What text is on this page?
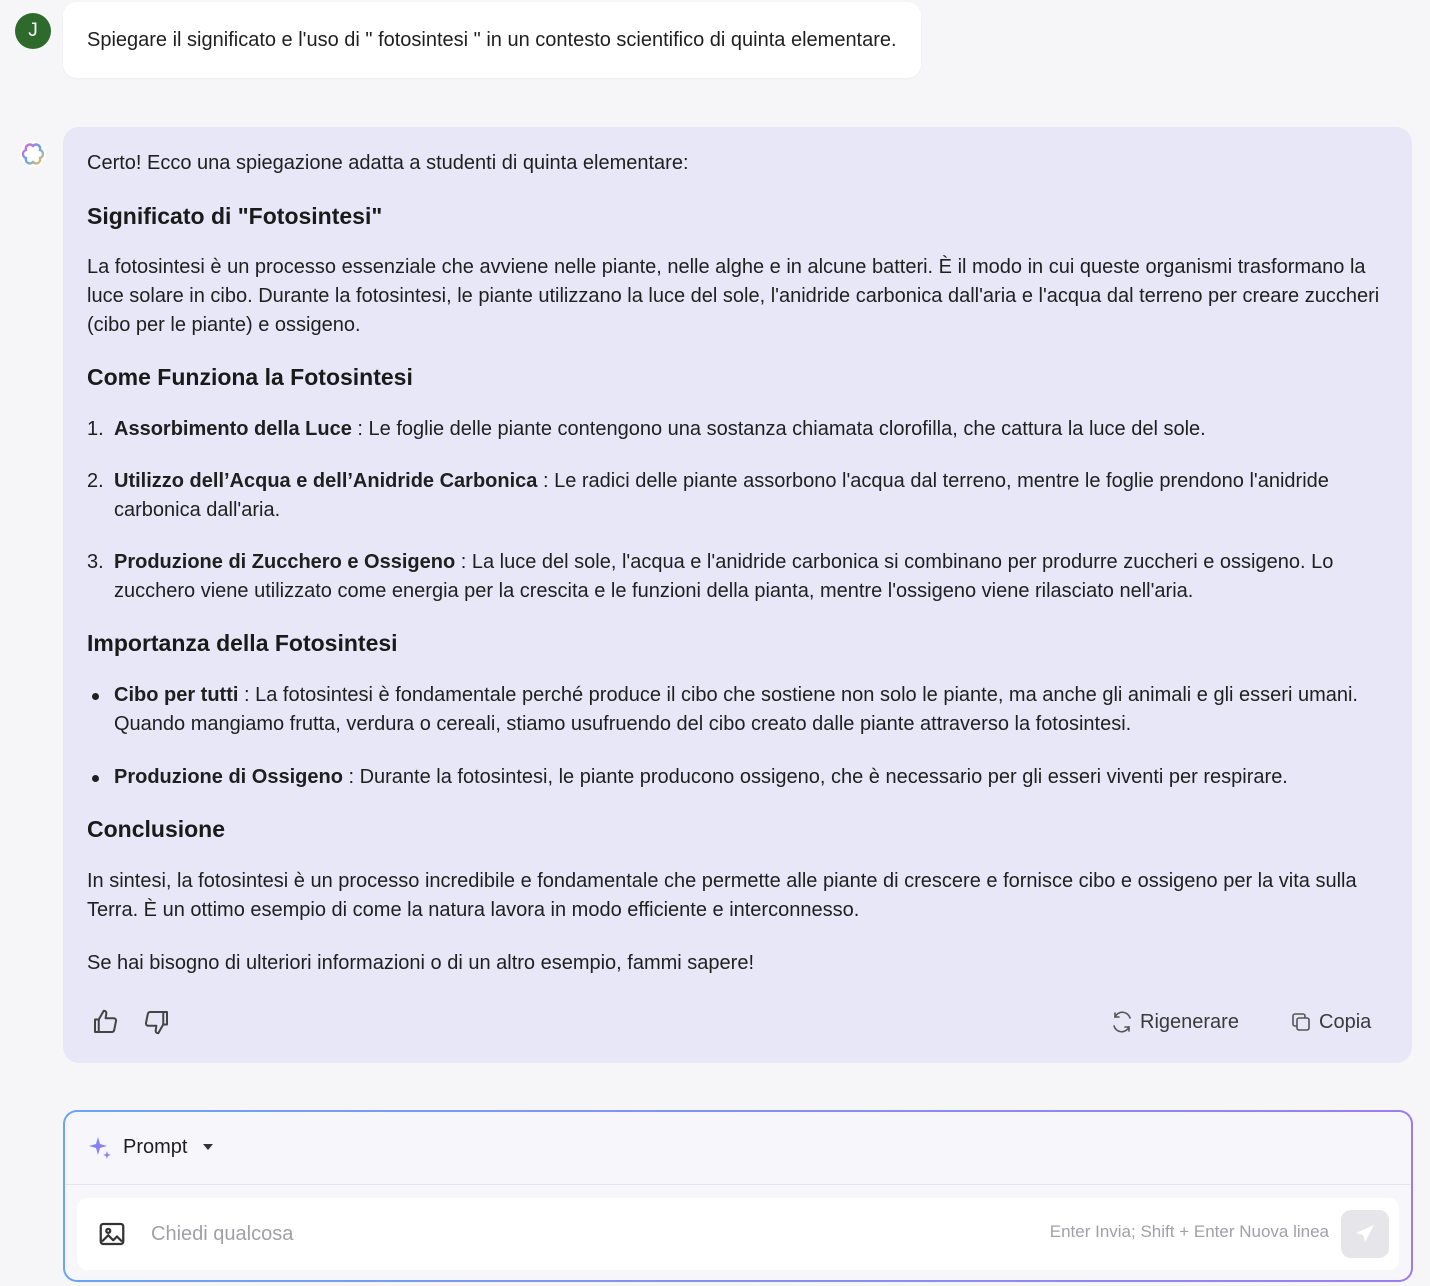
J Spiegare il significato e l'uso di " fotosintesi " in un contesto scientifico di quinta elementare.

Certo! Ecco una spiegazione adatta a studenti di quinta elementare:

Significato di "Fotosintesi"

La fotosintesi è un processo essenziale che avviene nelle piante, nelle alghe e in alcune batteri. È il modo in cui queste organismi trasformano la luce solare in cibo. Durante la fotosintesi, le piante utilizzano la luce del sole, l'anidride carbonica dall'aria e l'acqua dal terreno per creare zuccheri (cibo per le piante) e ossigeno.

Come Funziona la Fotosintesi
1. Assorbimento della Luce : Le foglie delle piante contengono una sostanza chiamata clorofilla, che cattura la luce del sole.
2. Utilizzo dell’Acqua e dell’Anidride Carbonica : Le radici delle piante assorbono l'acqua dal terreno, mentre le foglie prendono l'anidride carbonica dall'aria.
3. Produzione di Zucchero e Ossigeno : La luce del sole, l'acqua e l'anidride carbonica si combinano per produrre zuccheri e ossigeno. Lo zucchero viene utilizzato come energia per la crescita e le funzioni della pianta, mentre l'ossigeno viene rilasciato nell'aria.
Importanza della Fotosintesi
Cibo per tutti : La fotosintesi è fondamentale perché produce il cibo che sostiene non solo le piante, ma anche gli animali e gli esseri umani. Quando mangiamo frutta, verdura o cereali, stiamo usufruendo del cibo creato dalle piante attraverso la fotosintesi.
Produzione di Ossigeno : Durante la fotosintesi, le piante producono ossigeno, che è necessario per gli esseri viventi per respirare.
Conclusione

In sintesi, la fotosintesi è un processo incredibile e fondamentale che permette alle piante di crescere e fornisce cibo e ossigeno per la vita sulla Terra. È un ottimo esempio di come la natura lavora in modo efficiente e interconnesso.

Se hai bisogno di ulteriori informazioni o di un altro esempio, fammi sapere!

Rigenerare	Copia
Prompt
Chiedi qualcosa
Enter Invia; Shift + Enter Nuova linea
